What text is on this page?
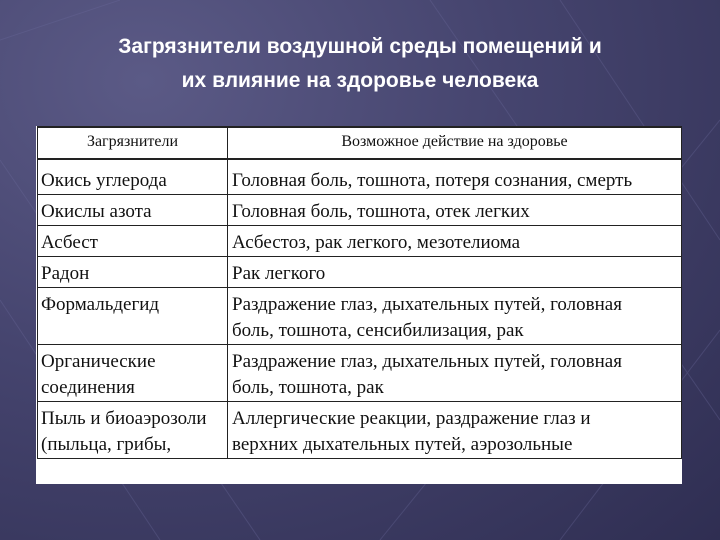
Загрязнители воздушной среды помещений и
их влияние на здоровье человека
Загрязнители	Возможное действие на здоровье

Окись углерода	Головная боль, тошнота, потеря сознания, смерть

Окислы азота	Головная боль, тошнота, отек легких

Асбест	Асбестоз, рак легкого, мезотелиома

Радон	Рак легкого

Формальдегид	Раздражение глаз, дыхательных путей, головная
боль, тошнота, сенсибилизация, рак

Органические
соединения	Раздражение глаз, дыхательных путей, головная
боль, тошнота, рак

Пыль и биоаэрозоли
(пыльца, грибы,	Аллергические реакции, раздражение глаз и
верхних дыхательных путей, аэрозольные
